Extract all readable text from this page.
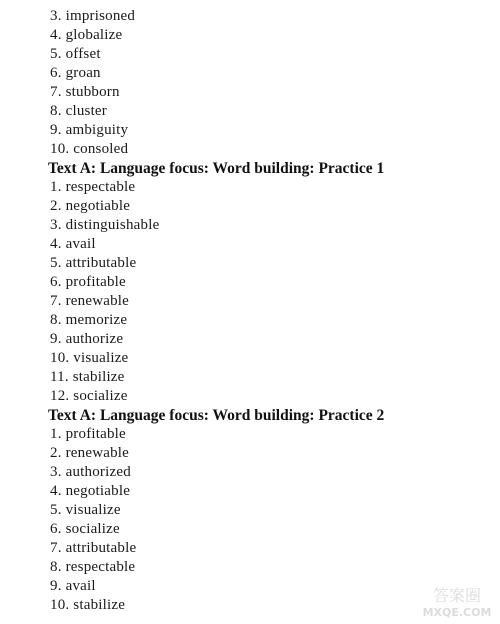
3. imprisoned
4. globalize
5. offset
6. groan
7. stubborn
8. cluster
9. ambiguity
10. consoled
Text A: Language focus: Word building: Practice 1
1. respectable
2. negotiable
3. distinguishable
4. avail
5. attributable
6. profitable
7. renewable
8. memorize
9. authorize
10. visualize
11. stabilize
12. socialize
Text A: Language focus: Word building: Practice 2
1. profitable
2. renewable
3. authorized
4. negotiable
5. visualize
6. socialize
7. attributable
8. respectable
9. avail
10. stabilize	答案圈
MXQE.COM
